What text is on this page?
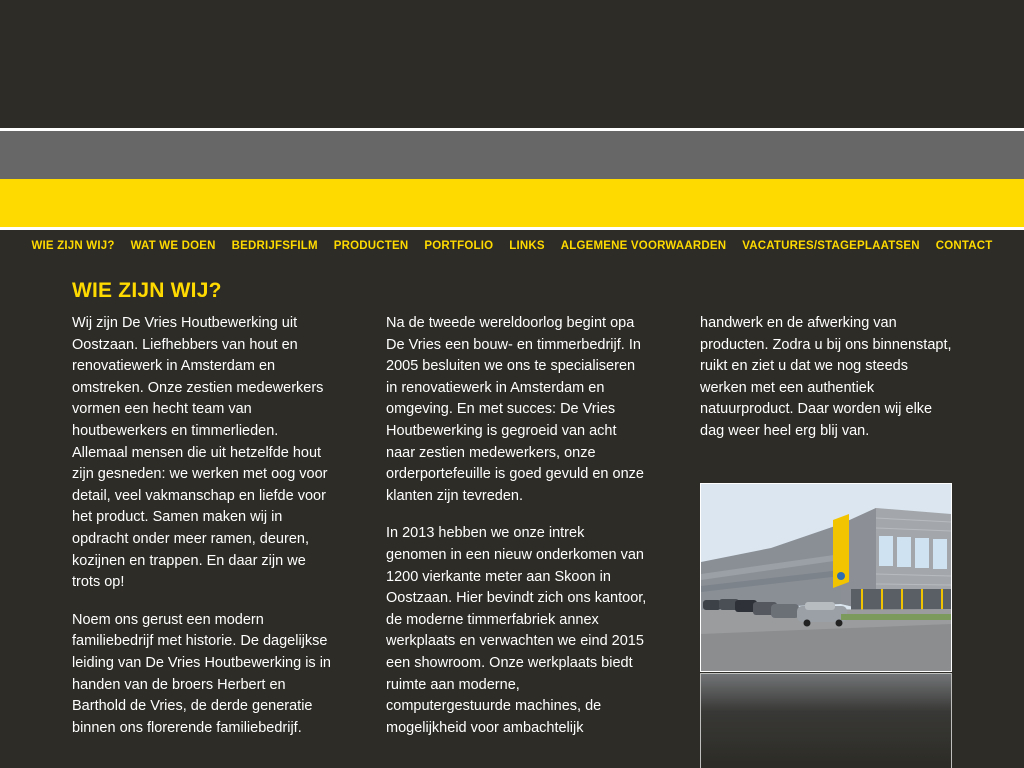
WIE ZIJN WIJ? WAT WE DOEN BEDRIJFSFILM PRODUCTEN PORTFOLIO LINKS ALGEMENE VOORWAARDEN VACATURES/STAGEPLAATSEN CONTACT
WIE ZIJN WIJ?

Wij zijn De Vries Houtbewerking uit Oostzaan. Liefhebbers van hout en renovatiewerk in Amsterdam en omstreken. Onze zestien medewerkers vormen een hecht team van houtbewerkers en timmerlieden. Allemaal mensen die uit hetzelfde hout zijn gesneden: we werken met oog voor detail, veel vakmanschap en liefde voor het product. Samen maken wij in opdracht onder meer ramen, deuren, kozijnen en trappen. En daar zijn we trots op!

Noem ons gerust een modern familiebedrijf met historie. De dagelijkse leiding van De Vries Houtbewerking is in handen van de broers Herbert en Barthold de Vries, de derde generatie binnen ons florerende familiebedrijf.

Na de tweede wereldoorlog begint opa De Vries een bouw- en timmerbedrijf. In 2005 besluiten we ons te specialiseren in renovatiewerk in Amsterdam en omgeving. En met succes: De Vries Houtbewerking is gegroeid van acht naar zestien medewerkers, onze orderportefeuille is goed gevuld en onze klanten zijn tevreden.

In 2013 hebben we onze intrek genomen in een nieuw onderkomen van 1200 vierkante meter aan Skoon in Oostzaan. Hier bevindt zich ons kantoor, de moderne timmerfabriek annex werkplaats en verwachten we eind 2015 een showroom. Onze werkplaats biedt ruimte aan moderne, computergestuurde machines, de mogelijkheid voor ambachtelijk

handwerk en de afwerking van producten. Zodra u bij ons binnenstapt, ruikt en ziet u dat we nog steeds werken met een authentiek natuurproduct. Daar worden wij elke dag weer heel erg blij van.
